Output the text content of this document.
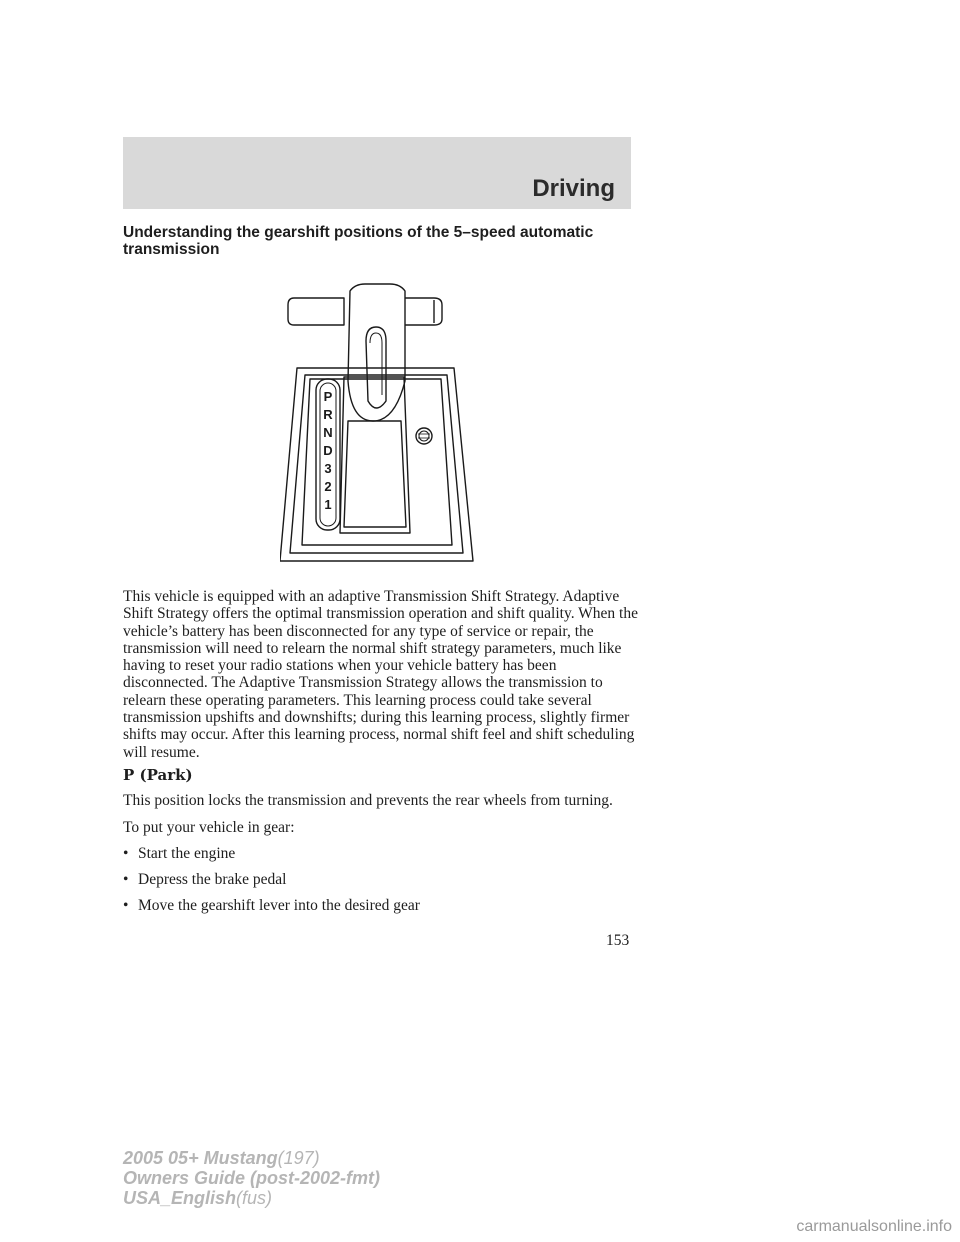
Driving
Understanding the gearshift positions of the 5–speed automatic transmission
P
R
N
D
3
2
1

This vehicle is equipped with an adaptive Transmission Shift Strategy. Adaptive Shift Strategy offers the optimal transmission operation and shift quality. When the vehicle’s battery has been disconnected for any type of service or repair, the transmission will need to relearn the normal shift strategy parameters, much like having to reset your radio stations when your vehicle battery has been disconnected. The Adaptive Transmission Strategy allows the transmission to relearn these operating parameters. This learning process could take several transmission upshifts and downshifts; during this learning process, slightly firmer shifts may occur. After this learning process, normal shift feel and shift scheduling will resume.

P (Park)

This position locks the transmission and prevents the rear wheels from turning.

To put your vehicle in gear:

• Start the engine
• Depress the brake pedal
• Move the gearshift lever into the desired gear
153
2005 05+ Mustang(197)
Owners Guide (post-2002-fmt)
USA_English(fus)
carmanualsonline.info
